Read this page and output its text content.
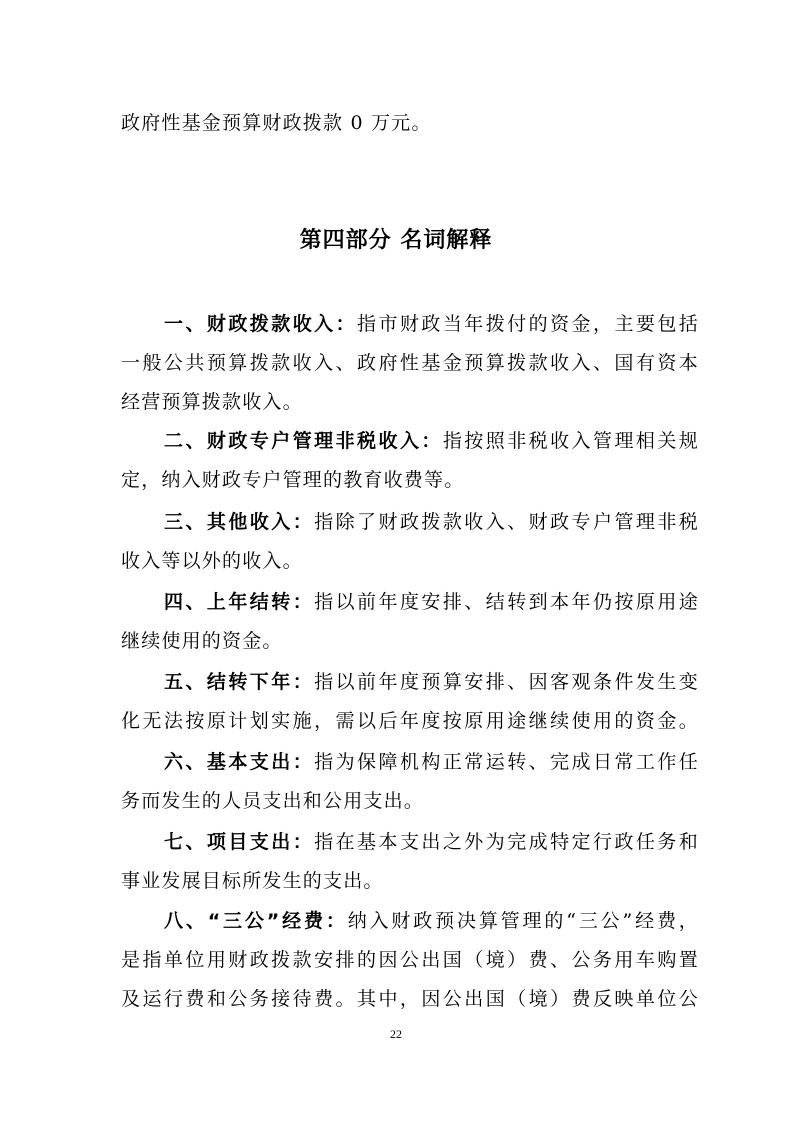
政府性基金预算财政拨款 0 万元。
第四部分 名词解释
一、财政拨款收入：指市财政当年拨付的资金，主要包括
一般公共预算拨款收入、政府性基金预算拨款收入、国有资本
经营预算拨款收入。
二、财政专户管理非税收入：指按照非税收入管理相关规
定，纳入财政专户管理的教育收费等。
三、其他收入：指除了财政拨款收入、财政专户管理非税
收入等以外的收入。
四、上年结转：指以前年度安排、结转到本年仍按原用途
继续使用的资金。
五、结转下年：指以前年度预算安排、因客观条件发生变
化无法按原计划实施，需以后年度按原用途继续使用的资金。
六、基本支出：指为保障机构正常运转、完成日常工作任
务而发生的人员支出和公用支出。
七、项目支出：指在基本支出之外为完成特定行政任务和
事业发展目标所发生的支出。
八、“三公”经费：纳入财政预决算管理的“三公”经费，
是指单位用财政拨款安排的因公出国（境）费、公务用车购置
及运行费和公务接待费。其中，因公出国（境）费反映单位公
22
